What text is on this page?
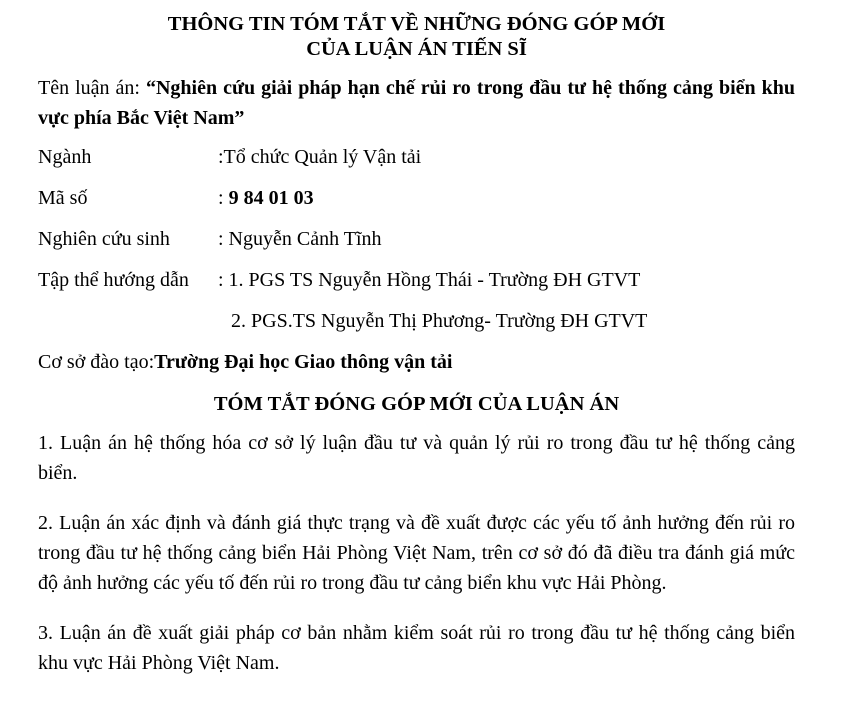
THÔNG TIN TÓM TẮT VỀ NHỮNG ĐÓNG GÓP MỚI
CỦA LUẬN ÁN TIẾN SĨ
Tên luận án: “Nghiên cứu giải pháp hạn chế rủi ro trong đầu tư hệ thống cảng biển khu vực phía Bắc Việt Nam”
Ngành	:Tổ chức Quản lý Vận tải
Mã số	: 9 84 01 03
Nghiên cứu sinh	: Nguyễn Cảnh Tĩnh
Tập thể hướng dẫn	: 1. PGS TS Nguyễn Hồng Thái - Trường ĐH GTVT
2. PGS.TS Nguyễn Thị Phương- Trường ĐH GTVT
Cơ sở đào tạo: Trường Đại học Giao thông vận tải
TÓM TẮT ĐÓNG GÓP MỚI CỦA LUẬN ÁN

1. Luận án hệ thống hóa cơ sở lý luận đầu tư và quản lý rủi ro trong đầu tư hệ thống cảng biển.

2. Luận án xác định và đánh giá thực trạng và đề xuất được các yếu tố ảnh hưởng đến rủi ro trong đầu tư hệ thống cảng biển Hải Phòng Việt Nam, trên cơ sở đó đã điều tra đánh giá mức độ ảnh hưởng các yếu tố đến rủi ro trong đầu tư cảng biển khu vực Hải Phòng.

3. Luận án đề xuất giải pháp cơ bản nhằm kiểm soát rủi ro trong đầu tư hệ thống cảng biển khu vực Hải Phòng Việt Nam.
